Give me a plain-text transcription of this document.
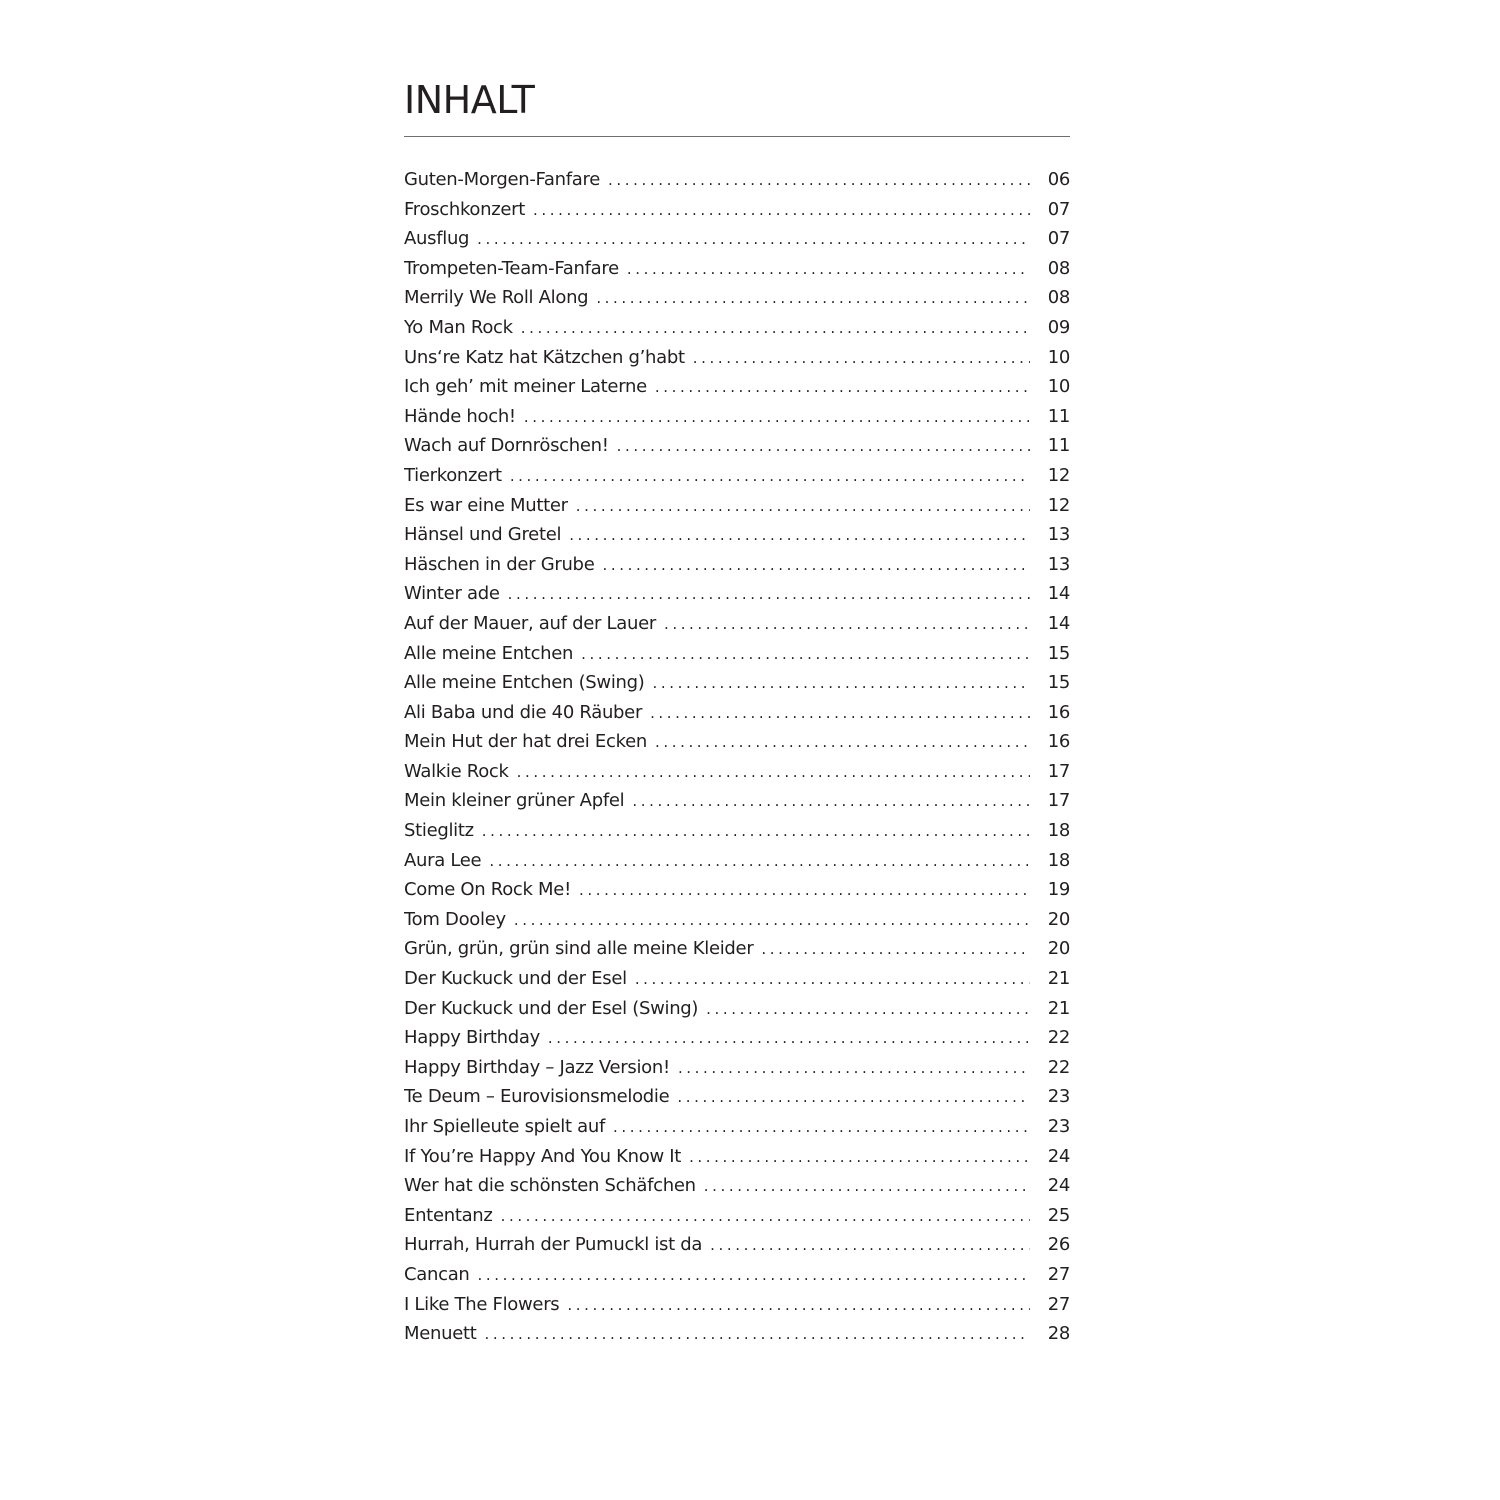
INHALT
Guten-Morgen-Fanfare .....	06
Froschkonzert .....	07
Ausflug .....	07
Trompeten-Team-Fanfare .....	08
Merrily We Roll Along .....	08
Yo Man Rock .....	09
Uns‘re Katz hat Kätzchen g’habt .....	10
Ich geh’ mit meiner Laterne .....	10
Hände hoch! .....	11
Wach auf Dornröschen! .....	11
Tierkonzert .....	12
Es war eine Mutter .....	12
Hänsel und Gretel .....	13
Häschen in der Grube .....	13
Winter ade .....	14
Auf der Mauer, auf der Lauer .....	14
Alle meine Entchen .....	15
Alle meine Entchen (Swing) .....	15
Ali Baba und die 40 Räuber .....	16
Mein Hut der hat drei Ecken .....	16
Walkie Rock .....	17
Mein kleiner grüner Apfel .....	17
Stieglitz .....	18
Aura Lee .....	18
Come On Rock Me! .....	19
Tom Dooley .....	20
Grün, grün, grün sind alle meine Kleider .....	20
Der Kuckuck und der Esel .....	21
Der Kuckuck und der Esel (Swing) .....	21
Happy Birthday .....	22
Happy Birthday – Jazz Version! .....	22
Te Deum – Eurovisionsmelodie .....	23
Ihr Spielleute spielt auf .....	23
If You’re Happy And You Know It .....	24
Wer hat die schönsten Schäfchen .....	24
Ententanz .....	25
Hurrah, Hurrah der Pumuckl ist da .....	26
Cancan .....	27
I Like The Flowers .....	27
Menuett .....	28
